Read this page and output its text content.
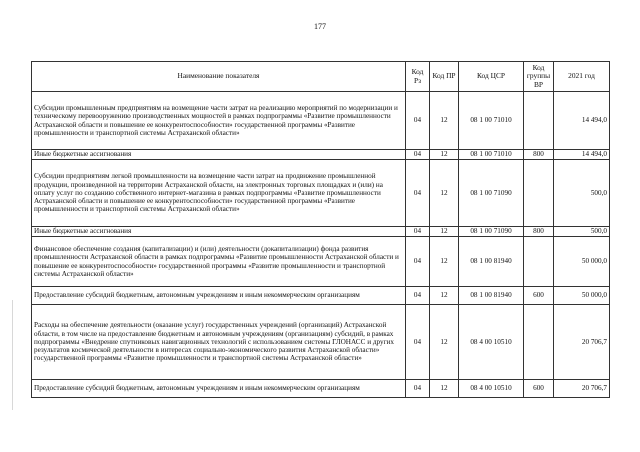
177
Наименование показателя	Код Рз	Код ПР	Код ЦСР	Код группы ВР	2021 год
Субсидии промышленным предприятиям на возмещение части затрат на реализацию мероприятий по модернизации и техническому перевооружению производственных мощностей в рамках подпрограммы «Развитие промышленности Астраханской области и повышение ее конкурентоспособности» государственной программы «Развитие промышленности и транспортной системы Астраханской области»	04	12	08 1 00 71010		14 494,0
Иные бюджетные ассигнования	04	12	08 1 00 71010	800	14 494,0
Субсидии предприятиям легкой промышленности на возмещение части затрат на продвижение промышленной продукции, произведенной на территории Астраханской области, на электронных торговых площадках и (или) на оплату услуг по созданию собственного интернет-магазина в рамках подпрограммы «Развитие промышленности Астраханской области и повышение ее конкурентоспособности» государственной программы «Развитие промышленности и транспортной системы Астраханской области»	04	12	08 1 00 71090		500,0
Иные бюджетные ассигнования	04	12	08 1 00 71090	800	500,0
Финансовое обеспечение создания (капитализации) и (или) деятельности (докапитализации) фонда развития промышленности Астраханской области в рамках подпрограммы «Развитие промышленности Астраханской области и повышение ее конкурентоспособности» государственной программы «Развитие промышленности и транспортной системы Астраханской области»	04	12	08 1 00 81940		50 000,0
Предоставление субсидий бюджетным, автономным учреждениям и иным некоммерческим организациям	04	12	08 1 00 81940	600	50 000,0
Расходы на обеспечение деятельности (оказание услуг) государственных учреждений (организаций) Астраханской области, в том числе на предоставление бюджетным и автономным учреждениям (организациям) субсидий, в рамках подпрограммы «Внедрение спутниковых навигационных технологий с использованием системы ГЛОНАСС и других результатов космической деятельности в интересах социально-экономического развития Астраханской области» государственной программы «Развитие промышленности и транспортной системы Астраханской области»	04	12	08 4 00 10510		20 706,7
Предоставление субсидий бюджетным, автономным учреждениям и иным некоммерческим организациям	04	12	08 4 00 10510	600	20 706,7
